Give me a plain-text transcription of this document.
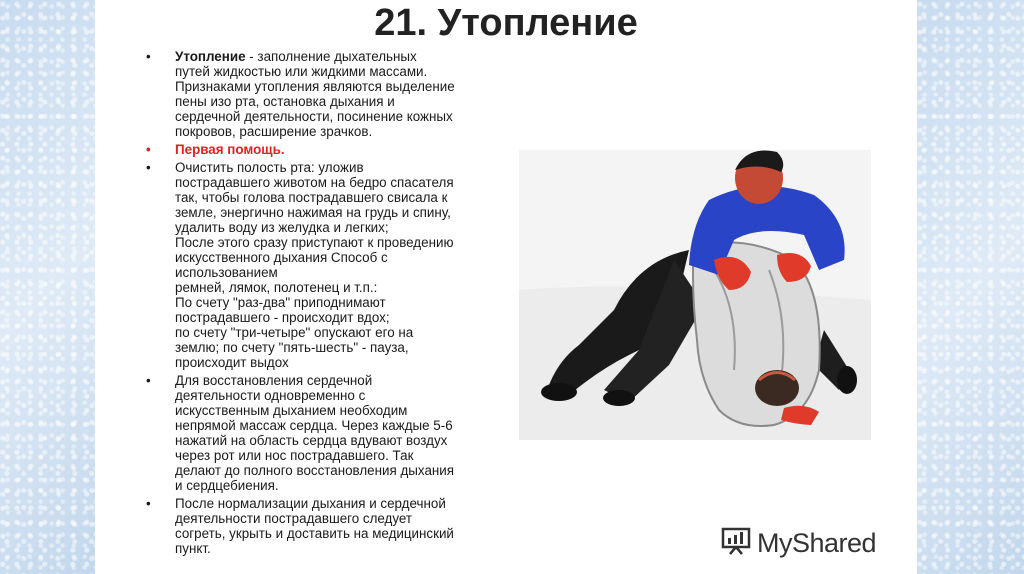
21. Утопление
• Утопление - заполнение дыхательных
путей жидкостью или жидкими массами.
Признаками утопления являются выделение
пены изо рта, остановка дыхания и
сердечной деятельности, посинение кожных
покровов, расширение зрачков.
• Первая помощь.
• Очистить полость рта: уложив
пострадавшего животом на бедро спасателя
так, чтобы голова пострадавшего свисала к
земле, энергично нажимая на грудь и спину,
удалить воду из желудка и легких;
После этого сразу приступают к проведению
искусственного дыхания Способ с
использованием
ремней, лямок, полотенец и т.п.:
По счету "раз-два" приподнимают
пострадавшего - происходит вдох;
по счету "три-четыре" опускают его на
землю; по счету "пять-шесть" - пауза,
происходит выдох
• Для восстановления сердечной
деятельности одновременно с
искусственным дыханием необходим
непрямой массаж сердца. Через каждые 5-6
нажатий на область сердца вдувают воздух
через рот или нос пострадавшего. Так
делают до полного восстановления дыхания
и сердцебиения.
• После нормализации дыхания и сердечной
деятельности пострадавшего следует
согреть, укрыть и доставить на медицинский
пункт.	MyShared
